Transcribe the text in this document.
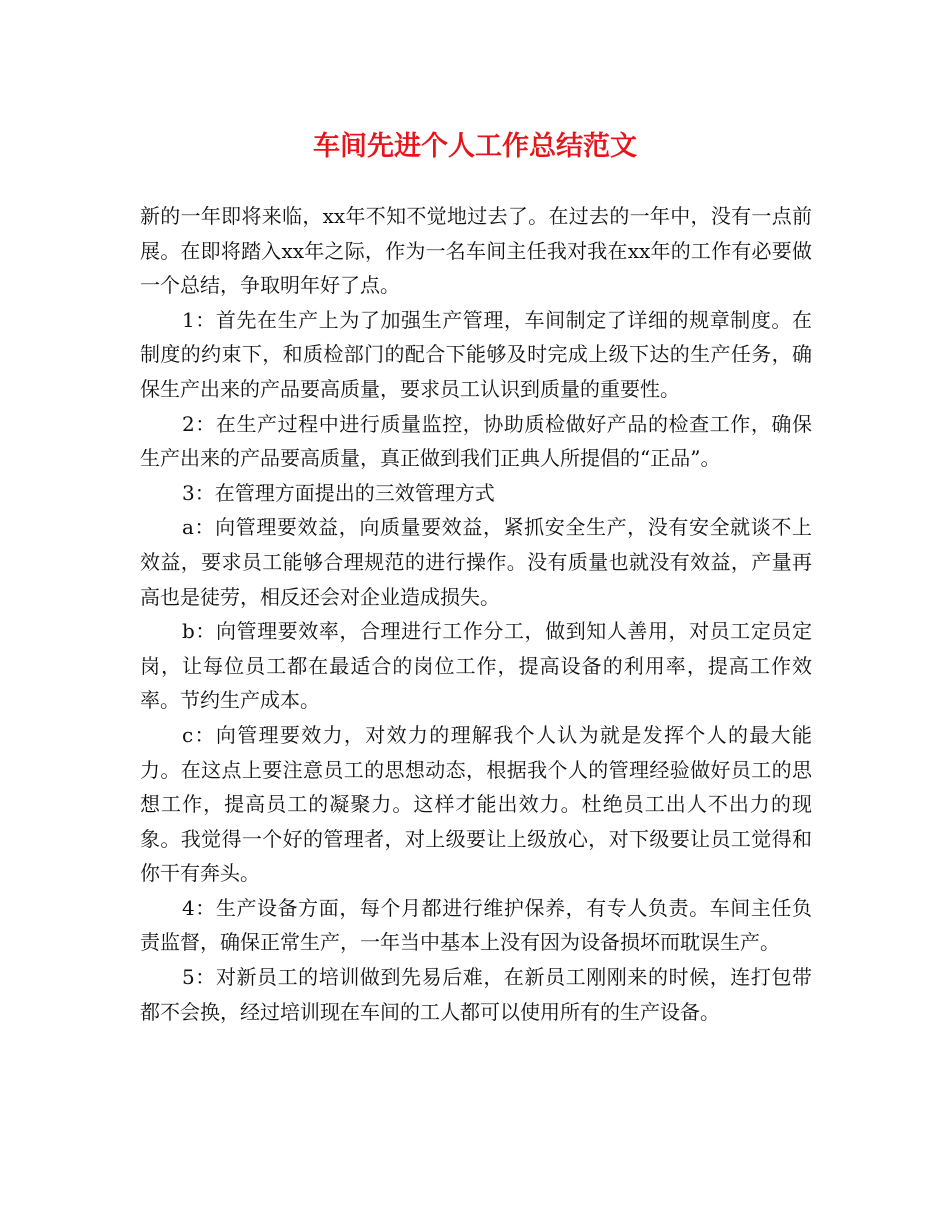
车间先进个人工作总结范文

新的一年即将来临，xx年不知不觉地过去了。在过去的一年中，没有一点前展。在即将踏入xx年之际，作为一名车间主任我对我在xx年的工作有必要做一个总结，争取明年好了点。

1：首先在生产上为了加强生产管理，车间制定了详细的规章制度。在制度的约束下，和质检部门的配合下能够及时完成上级下达的生产任务，确保生产出来的产品要高质量，要求员工认识到质量的重要性。

2：在生产过程中进行质量监控，协助质检做好产品的检查工作，确保生产出来的产品要高质量，真正做到我们正典人所提倡的“正品”。

3：在管理方面提出的三效管理方式

a：向管理要效益，向质量要效益，紧抓安全生产，没有安全就谈不上效益，要求员工能够合理规范的进行操作。没有质量也就没有效益，产量再高也是徒劳，相反还会对企业造成损失。

b：向管理要效率，合理进行工作分工，做到知人善用，对员工定员定岗，让每位员工都在最适合的岗位工作，提高设备的利用率，提高工作效率。节约生产成本。

c：向管理要效力，对效力的理解我个人认为就是发挥个人的最大能力。在这点上要注意员工的思想动态，根据我个人的管理经验做好员工的思想工作，提高员工的凝聚力。这样才能出效力。杜绝员工出人不出力的现象。我觉得一个好的管理者，对上级要让上级放心，对下级要让员工觉得和你干有奔头。

4：生产设备方面，每个月都进行维护保养，有专人负责。车间主任负责监督，确保正常生产，一年当中基本上没有因为设备损坏而耽误生产。

5：对新员工的培训做到先易后难，在新员工刚刚来的时候，连打包带都不会换，经过培训现在车间的工人都可以使用所有的生产设备。
